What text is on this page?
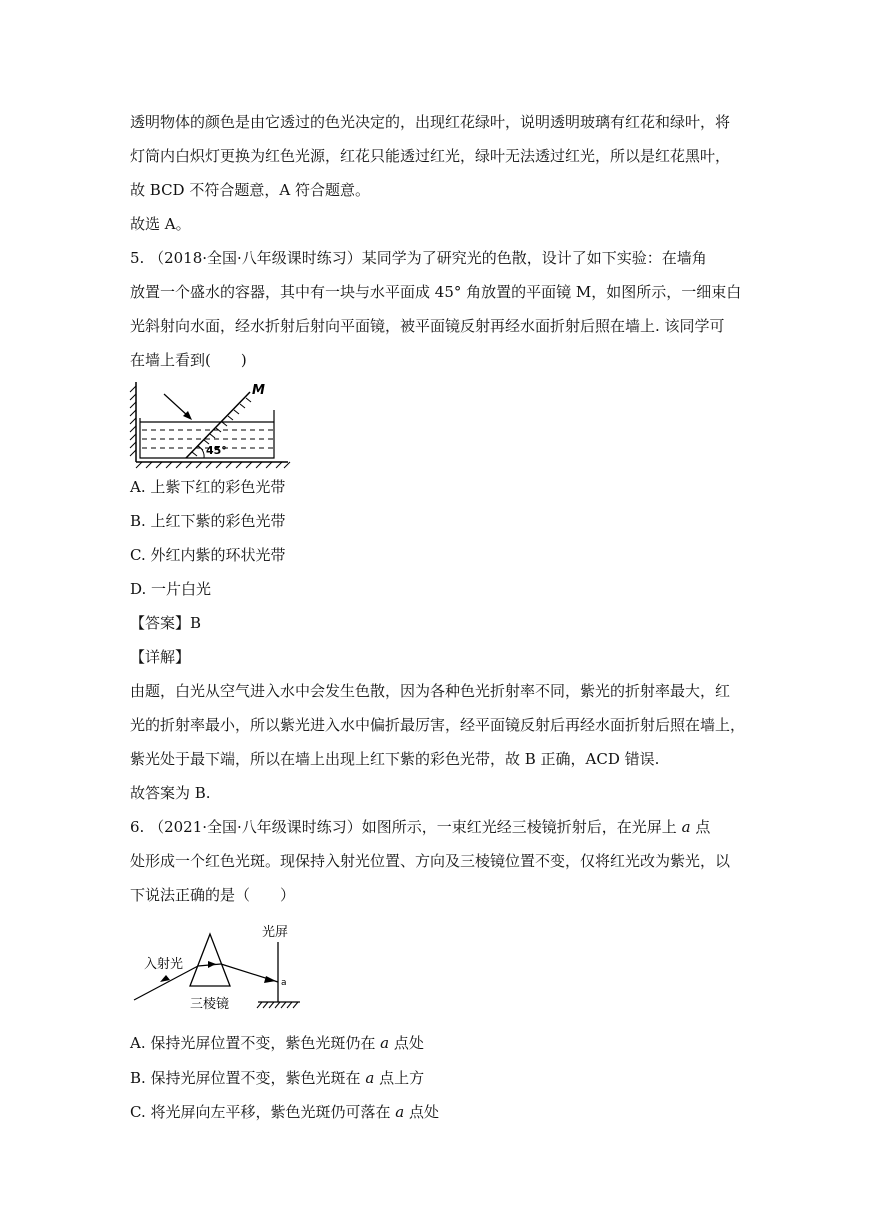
透明物体的颜色是由它透过的色光决定的，出现红花绿叶，说明透明玻璃有红花和绿叶，将
灯筒内白炽灯更换为红色光源，红花只能透过红光，绿叶无法透过红光，所以是红花黑叶，
故 BCD 不符合题意，A 符合题意。
故选 A。
5. （2018·全国·八年级课时练习）某同学为了研究光的色散，设计了如下实验：在墙角
放置一个盛水的容器，其中有一块与水平面成 45° 角放置的平面镜 M，如图所示，一细束白
光斜射向水面，经水折射后射向平面镜，被平面镜反射再经水面折射后照在墙上. 该同学可
在墙上看到(　　)
M
45°
A. 上紫下红的彩色光带
B. 上红下紫的彩色光带
C. 外红内紫的环状光带
D. 一片白光
【答案】B
【详解】
由题，白光从空气进入水中会发生色散，因为各种色光折射率不同，紫光的折射率最大，红
光的折射率最小，所以紫光进入水中偏折最厉害，经平面镜反射后再经水面折射后照在墙上，
紫光处于最下端，所以在墙上出现上红下紫的彩色光带，故 B 正确，ACD 错误.
故答案为 B.
6. （2021·全国·八年级课时练习）如图所示，一束红光经三棱镜折射后，在光屏上 a 点
处形成一个红色光斑。现保持入射光位置、方向及三棱镜位置不变，仅将红光改为紫光，以
下说法正确的是（　　）
光屏
a
入射光
三棱镜
A. 保持光屏位置不变，紫色光斑仍在 a 点处
B. 保持光屏位置不变，紫色光斑在 a 点上方
C. 将光屏向左平移，紫色光斑仍可落在 a 点处
